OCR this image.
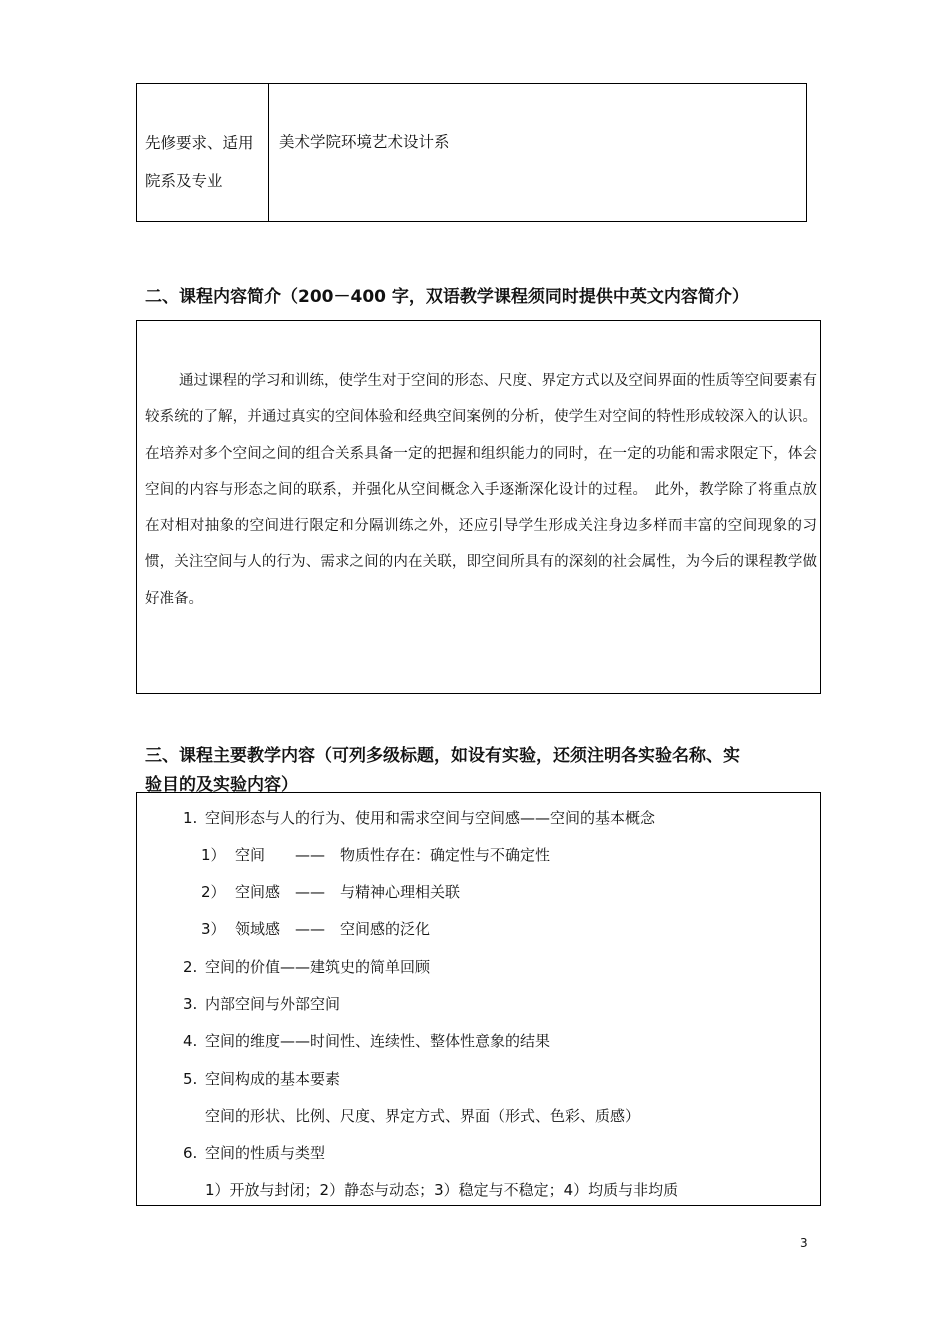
先修要求、适用
院系及专业
美术学院环境艺术设计系
二、课程内容简介（200－400 字，双语教学课程须同时提供中英文内容简介）
通过课程的学习和训练，使学生对于空间的形态、尺度、界定方式以及空间界面的性质等空间要素有较系统的了解，并通过真实的空间体验和经典空间案例的分析，使学生对空间的特性形成较深入的认识。在培养对多个空间之间的组合关系具备一定的把握和组织能力的同时，在一定的功能和需求限定下，体会空间的内容与形态之间的联系，并强化从空间概念入手逐渐深化设计的过程。　此外，教学除了将重点放在对相对抽象的空间进行限定和分隔训练之外，还应引导学生形成关注身边多样而丰富的空间现象的习惯，关注空间与人的行为、需求之间的内在关联，即空间所具有的深刻的社会属性，为今后的课程教学做好准备。
三、课程主要教学内容（可列多级标题，如设有实验，还须注明各实验名称、实
验目的及实验内容）
1. 空间形态与人的行为、使用和需求空间与空间感——空间的基本概念
1） 空间　　——　物质性存在：确定性与不确定性
2） 空间感　——　与精神心理相关联
3） 领域感　——　空间感的泛化
2. 空间的价值——建筑史的简单回顾
3. 内部空间与外部空间
4. 空间的维度——时间性、连续性、整体性意象的结果
5. 空间构成的基本要素
空间的形状、比例、尺度、界定方式、界面（形式、色彩、质感）
6. 空间的性质与类型
1）开放与封闭；2）静态与动态；3）稳定与不稳定；4）均质与非均质
3
